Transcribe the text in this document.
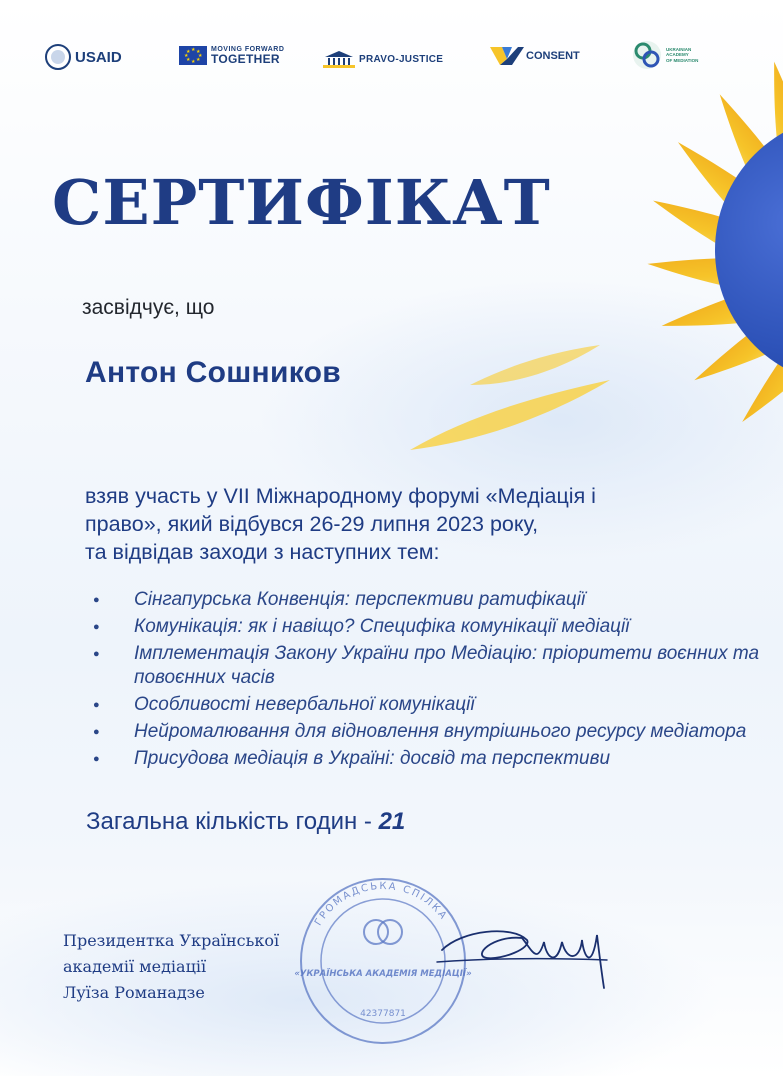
USAID	★ ★
★
★
★
★
★
★	MOVING FORWARD
TOGETHER	PRAVO-JUSTICE	CONSENT
UKRAINIAN
ACADEMY
OF MEDIATION
СЕРТИФІКАТ
засвідчує, що
Антон Сошников

взяв участь у VII Міжнародному форумі «Медіація і

право», який відбувся 26-29 липня 2023 року,

та відвідав заходи з наступних тем:

● Сінгапурська Конвенція: перспективи ратифікації
● Комунікація: як і навіщо? Специфіка комунікації медіації
● Імплементація Закону України про Медіацію: пріоритети воєнних та повоєнних часів
● Особливості невербальної комунікації
● Нейромалювання для відновлення внутрішнього ресурсу медіатора
● Присудова медіація в Україні: досвід та перспективи
Загальна кількість годин - 21
Президентка Української
академії медіації
Луїза Романадзе
ГРОМАДСЬКА СПІЛКА
«УКРАЇНСЬКА АКАДЕМІЯ МЕДІАЦІЇ»
42377871
